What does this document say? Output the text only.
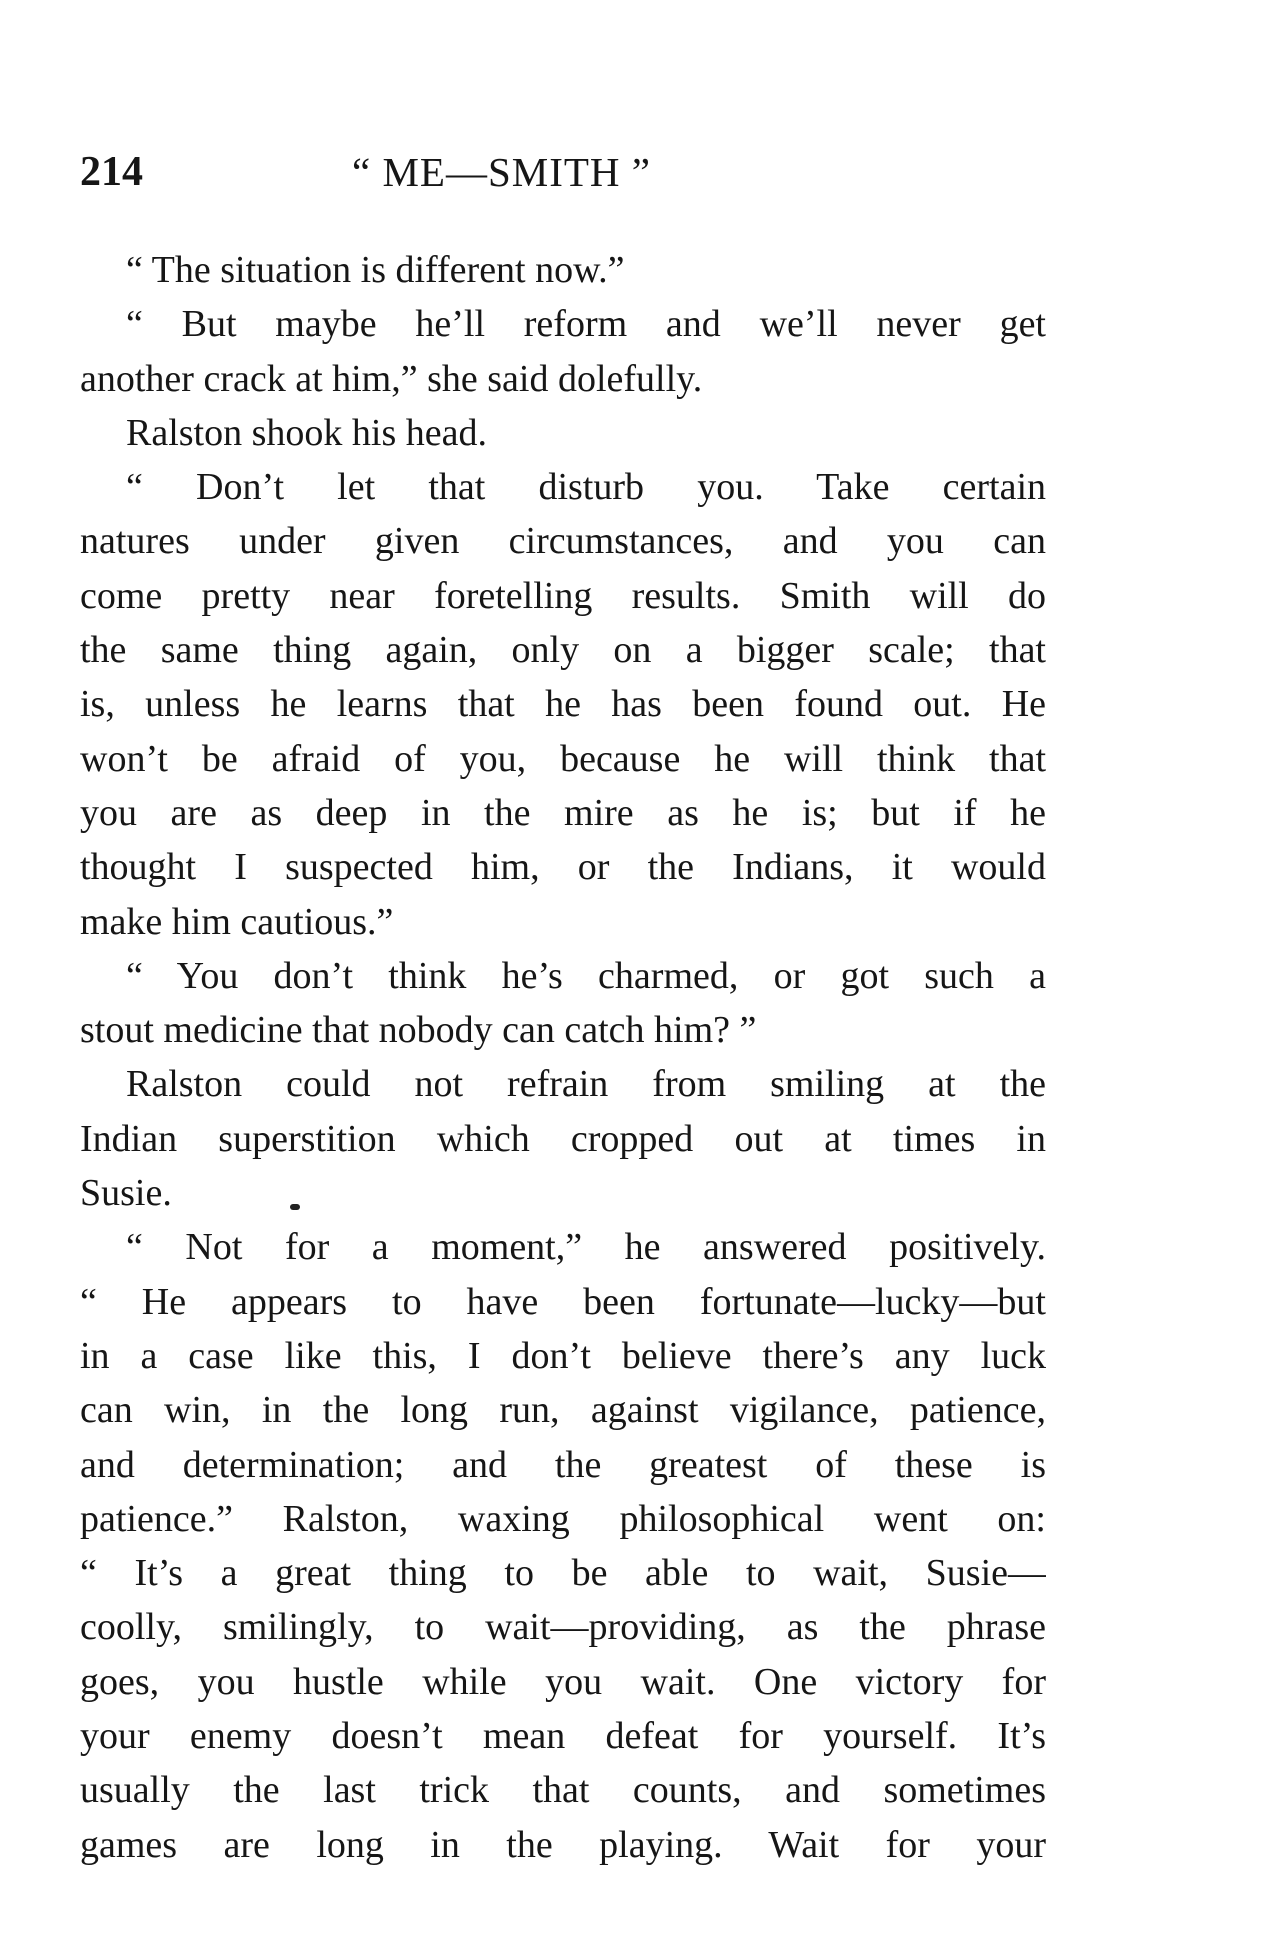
214	“ ME—SMITH ”
“ The situation is different now.”
“ But maybe he’ll reform and we’ll never get
another crack at him,” she said dolefully.
Ralston shook his head.
“ Don’t let that disturb you. Take certain
natures under given circumstances, and you can
come pretty near foretelling results. Smith will do
the same thing again, only on a bigger scale; that
is, unless he learns that he has been found out. He
won’t be afraid of you, because he will think that
you are as deep in the mire as he is; but if he
thought I suspected him, or the Indians, it would
make him cautious.”
“ You don’t think he’s charmed, or got such a
stout medicine that nobody can catch him? ”
Ralston could not refrain from smiling at the
Indian superstition which cropped out at times in
Susie.
“ Not for a moment,” he answered positively.
“ He appears to have been fortunate—lucky—but
in a case like this, I don’t believe there’s any luck
can win, in the long run, against vigilance, patience,
and determination; and the greatest of these is
patience.” Ralston, waxing philosophical went on:
“ It’s a great thing to be able to wait, Susie—
coolly, smilingly, to wait—providing, as the phrase
goes, you hustle while you wait. One victory for
your enemy doesn’t mean defeat for yourself. It’s
usually the last trick that counts, and sometimes
games are long in the playing. Wait for your
